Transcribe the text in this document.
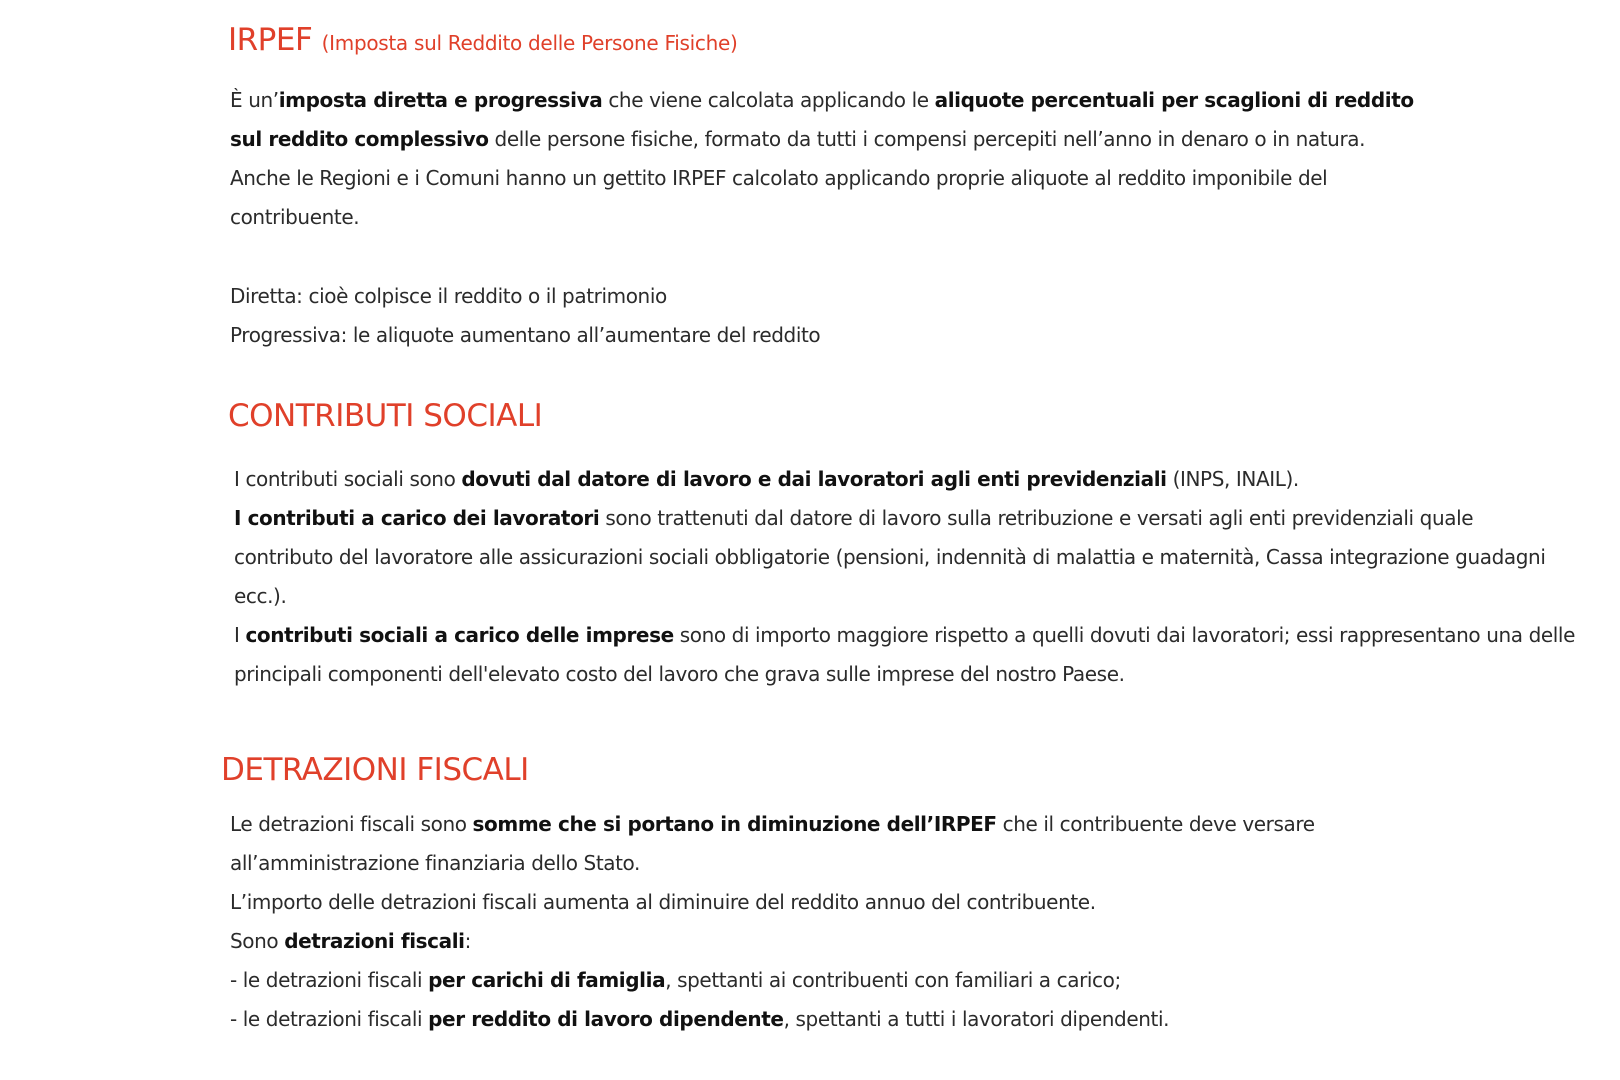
IRPEF (Imposta sul Reddito delle Persone Fisiche)

È un’imposta diretta e progressiva che viene calcolata applicando le aliquote percentuali per scaglioni di reddito
sul reddito complessivo delle persone fisiche, formato da tutti i compensi percepiti nell’anno in denaro o in natura.
Anche le Regioni e i Comuni hanno un gettito IRPEF calcolato applicando proprie aliquote al reddito imponibile del
contribuente.

Diretta: cioè colpisce il reddito o il patrimonio
Progressiva: le aliquote aumentano all’aumentare del reddito

CONTRIBUTI SOCIALI

I contributi sociali sono dovuti dal datore di lavoro e dai lavoratori agli enti previdenziali (INPS, INAIL).
I contributi a carico dei lavoratori sono trattenuti dal datore di lavoro sulla retribuzione e versati agli enti previdenziali quale
contributo del lavoratore alle assicurazioni sociali obbligatorie (pensioni, indennità di malattia e maternità, Cassa integrazione guadagni
ecc.).
I contributi sociali a carico delle imprese sono di importo maggiore rispetto a quelli dovuti dai lavoratori; essi rappresentano una delle
principali componenti dell'elevato costo del lavoro che grava sulle imprese del nostro Paese.

DETRAZIONI FISCALI

Le detrazioni fiscali sono somme che si portano in diminuzione dell’IRPEF che il contribuente deve versare
all’amministrazione finanziaria dello Stato.
L’importo delle detrazioni fiscali aumenta al diminuire del reddito annuo del contribuente.
Sono detrazioni fiscali:
- le detrazioni fiscali per carichi di famiglia, spettanti ai contribuenti con familiari a carico;
- le detrazioni fiscali per reddito di lavoro dipendente, spettanti a tutti i lavoratori dipendenti.
